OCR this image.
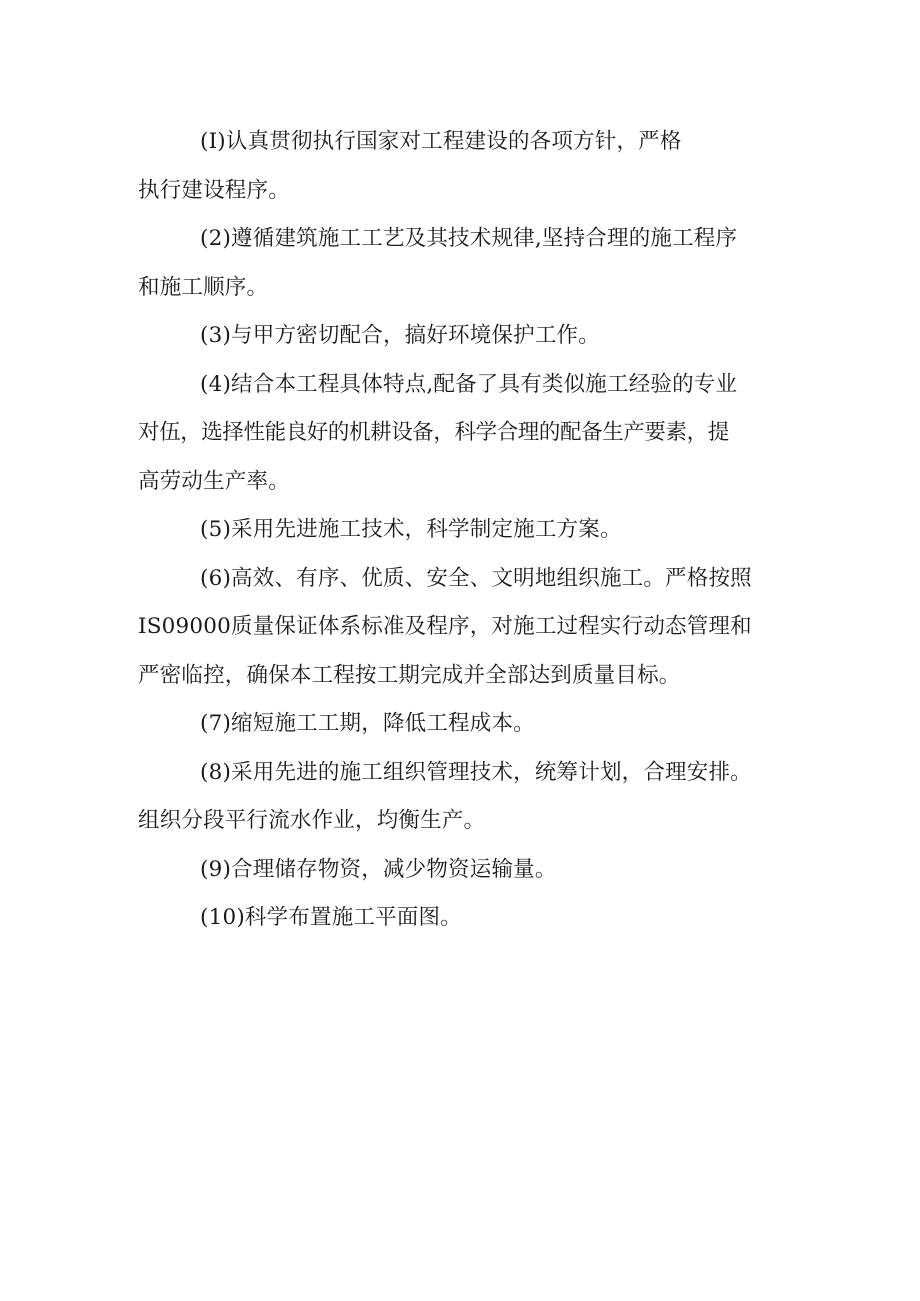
(I)认真贯彻执行国家对工程建设的各项方针，严格
执行建设程序。
(2)遵循建筑施工工艺及其技术规律,坚持合理的施工程序
和施工顺序。
(3)与甲方密切配合，搞好环境保护工作。
(4)结合本工程具体特点,配备了具有类似施工经验的专业
对伍，选择性能良好的机耕设备，科学合理的配备生产要素，提
高劳动生产率。
(5)采用先进施工技术，科学制定施工方案。
(6)高效、有序、优质、安全、文明地组织施工。严格按照
IS09000质量保证体系标准及程序，对施工过程实行动态管理和
严密临控，确保本工程按工期完成并全部达到质量目标。
(7)缩短施工工期，降低工程成本。
(8)采用先进的施工组织管理技术，统筹计划，合理安排。
组织分段平行流水作业，均衡生产。
(9)合理储存物资，减少物资运输量。
(10)科学布置施工平面图。
